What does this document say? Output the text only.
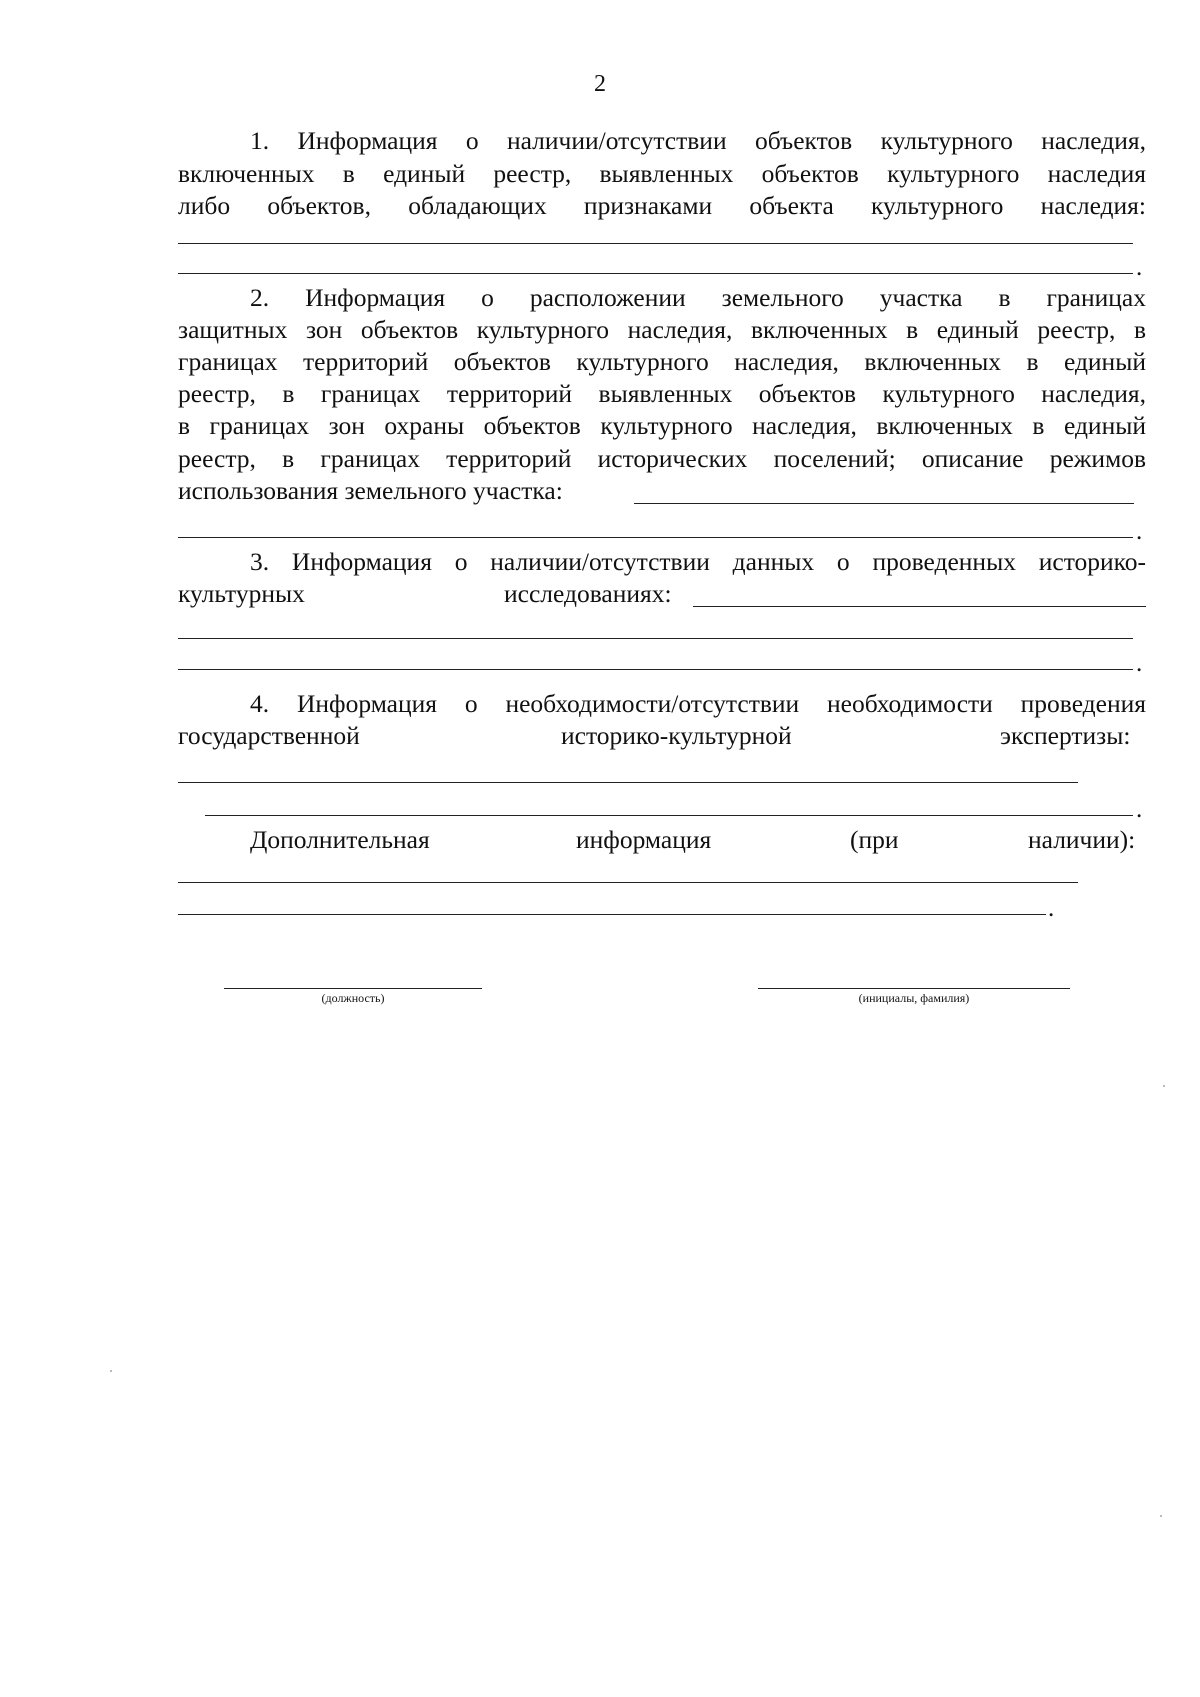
2
1. Информация о наличии/отсутствии объектов культурного наследия,
включенных в единый реестр, выявленных объектов культурного наследия
либо объектов, обладающих признаками объекта культурного наследия:
.
2. Информация о расположении земельного участка в границах
защитных зон объектов культурного наследия, включенных в единый реестр, в
границах территорий объектов культурного наследия, включенных в единый
реестр, в границах территорий выявленных объектов культурного наследия,
в границах зон охраны объектов культурного наследия, включенных в единый
реестр, в границах территорий исторических поселений; описание режимов
использования земельного участка:
.
3. Информация о наличии/отсутствии данных о проведенных историко-
культурных	исследованиях:
.
4. Информация о необходимости/отсутствии необходимости проведения
государственной	историко-культурной	экспертизы:
.
Дополнительная	информация	(при	наличии):
.
(должность)	(инициалы, фамилия)
